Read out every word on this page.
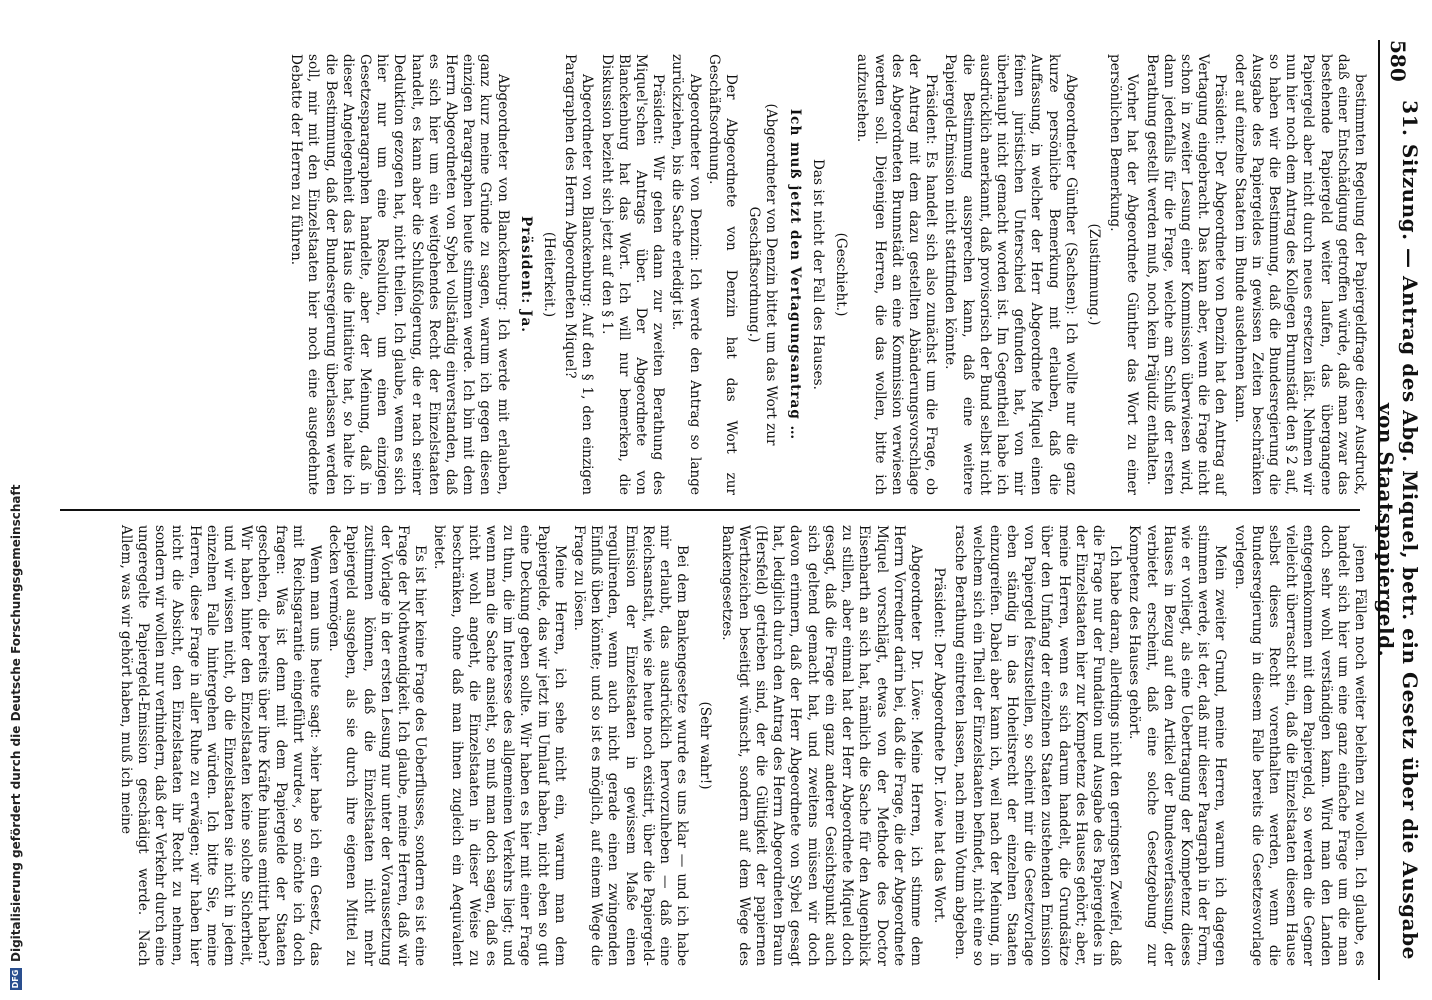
580
31. Sitzung. — Antrag des Abg. Miquel, betr. ein Gesetz über die Ausgabe von Staatspapiergeld.

bestimmten Regelung der Papiergeldfrage dieser Ausdruck, daß einer Entschädigung getroffen würde, daß man zwar das bestehende Papiergeld weiter laufen, das übergangene Papiergeld aber nicht durch neues ersetzen läßt. Nehmen wir nun hier noch dem Antrag des Kollegen Brunnstädt den § 2 auf, so haben wir die Bestimmung, daß die Bundesregierung die Ausgabe des Papiergeldes in gewissen Zeiten beschränken oder auf einzelne Staaten im Bunde ausdehnen kann.

Präsident: Der Abgeordnete von Denzin hat den Antrag auf Vertagung eingebracht. Das kann aber, wenn die Frage nicht schon in zweiter Lesung einer Kommission überwiesen wird, dann jedenfalls für die Frage, welche am Schluß der ersten Berathung gestellt werden muß, noch kein Präjudiz enthalten.

Vorher hat der Abgeordnete Günther das Wort zu einer persönlichen Bemerkung.

(Zustimmung.)

Abgeordneter Günther (Sachsen): Ich wollte nur die ganz kurze persönliche Bemerkung mit erlauben, daß die Auffassung, in welcher der Herr Abgeordnete Miquel einen feinen juristischen Unterschied gefunden hat, von mir überhaupt nicht gemacht worden ist. Im Gegentheil habe ich ausdrücklich anerkannt, daß provisorisch der Bund selbst nicht die Bestimmung aussprechen kann, daß eine weitere Papiergeld-Emission nicht stattfinden könnte.

Präsident: Es handelt sich also zunächst um die Frage, ob der Antrag mit dem dazu gestellten Abänderungsvorschlage des Abgeordneten Brunnstädt an eine Kommission verwiesen werden soll. Diejenigen Herren, die das wollen, bitte ich aufzustehen.

(Geschieht.)

Das ist nicht der Fall des Hauses.

Ich muß jetzt den Vertagungsantrag …

(Abgeordneter von Denzin bittet um das Wort zur Geschäftsordnung.)

Der Abgeordnete von Denzin hat das Wort zur Geschäftsordnung.

Abgeordneter von Denzin: Ich werde den Antrag so lange zurückziehen, bis die Sache erledigt ist.

Präsident: Wir gehen dann zur zweiten Berathung des Miquel'schen Antrags über. Der Abgeordnete von Blanckenburg hat das Wort. Ich will nur bemerken, die Diskussion bezieht sich jetzt auf den § 1.

Abgeordneter von Blanckenburg: Auf den § 1, den einzigen Paragraphen des Herrn Abgeordneten Miquel?

(Heiterkeit.)

Präsident: Ja.

Abgeordneter von Blanckenburg: Ich werde mit erlauben, ganz kurz meine Gründe zu sagen, warum ich gegen diesen einzigen Paragraphen heute stimmen werde. Ich bin mit dem Herrn Abgeordneten von Sybel vollständig einverstanden, daß es sich hier um ein weitgehendes Recht der Einzelstaaten handelt, es kann aber die Schlußfolgerung, die er nach seiner Deduktion gezogen hat, nicht theilen. Ich glaube, wenn es sich hier nur um eine Resolution, um einen einzigen Gesetzesparagraphen handelte, aber der Meinung, daß in dieser Angelegenheit das Haus die Initiative hat, so halte ich die Bestimmung, daß der Bundesregierung überlassen werden soll, mir mit den Einzelstaaten hier noch eine ausgedehnte Debatte der Herren zu führen.

jenen Fällen noch weiter beleihen zu wollen. Ich glaube, es handelt sich hier um eine ganz einfache Frage um die man doch sehr wohl verständigen kann. Wird man den Landen entgegenkommen mit dem Papiergeld, so werden die Gegner vielleicht überrascht sein, daß die Einzelstaaten diesem Hause selbst dieses Recht vorenthalten werden, wenn die Bundesregierung in diesem Falle bereits die Gesetzesvorlage vorlegen.

Mein zweiter Grund, meine Herren, warum ich dagegen stimmen werde, ist der, daß mir dieser Paragraph in der Form, wie er vorliegt, als eine Uebertragung der Kompetenz dieses Hauses in Bezug auf den Artikel der Bundesverfassung, der verbietet erscheint, daß eine solche Gesetzgebung zur Kompetenz des Hauses gehört.

Ich habe daran, allerdings nicht den geringsten Zweifel, daß die Frage nur der Fundation und Ausgabe des Papiergeldes in der Einzelstaaten hier zur Kompetenz des Hauses gehört; aber, meine Herren, wenn es sich darum handelt, die Grundsätze über den Umfang der einzelnen Staaten zustehenden Emission von Papiergeld festzustellen, so scheint mir die Gesetzvorlage eben ständig in das Hoheitsrecht der einzelnen Staaten einzugreifen. Dabei aber kann ich, weil nach der Meinung, in welchem sich ein Theil der Einzelstaaten befindet, nicht eine so rasche Berathung eintreten lassen, nach mein Votum abgeben.

Präsident: Der Abgeordnete Dr. Löwe hat das Wort.

Abgeordneter Dr. Löwe: Meine Herren, ich stimme dem Herrn Vorredner darin bei, daß die Frage, die der Abgeordnete Miquel vorschlägt, etwas von der Methode des Doctor Eisenbarth an sich hat, nämlich die Sache für den Augenblick zu stillen, aber einmal hat der Herr Abgeordnete Miquel doch gesagt, daß die Frage ein ganz anderer Gesichtspunkt auch sich geltend gemacht hat, und zweitens müssen wir doch davon erinnern, daß der Herr Abgeordnete von Sybel gesagt hat, lediglich durch den Antrag des Herrn Abgeordneten Braun (Hersfeld) getrieben sind, der die Gültigkeit der papiernen Werthzeichen beseitigt wünscht, sondern auf dem Wege des Bankengesetzes.

(Sehr wahr!)

Bei dem Bankengesetze wurde es uns klar — und ich habe mir erlaubt, das ausdrücklich hervorzuheben — daß eine Reichsanstalt, wie sie heute noch existirt, über die Papiergeld-Emission der Einzelstaaten in gewissem Maße einen regulirenden, wenn auch nicht gerade einen zwingenden Einfluß üben könnte; und so ist es möglich, auf einem Wege die Frage zu lösen.

Meine Herren, ich sehe nicht ein, warum man dem Papiergelde, das wir jetzt im Umlauf haben, nicht eben so gut eine Deckung geben sollte. Wir haben es hier mit einer Frage zu thun, die im Interesse des allgemeinen Verkehrs liegt; und wenn man die Sache ansieht, so muß man doch sagen, daß es nicht wohl angeht, die Einzelstaaten in dieser Weise zu beschränken, ohne daß man ihnen zugleich ein Aequivalent bietet.

Es ist hier keine Frage des Ueberflusses, sondern es ist eine Frage der Nothwendigkeit. Ich glaube, meine Herren, daß wir der Vorlage in der ersten Lesung nur unter der Voraussetzung zustimmen können, daß die Einzelstaaten nicht mehr Papiergeld ausgeben, als sie durch ihre eigenen Mittel zu decken vermögen.

Wenn man uns heute sagt: »hier habe ich ein Gesetz, das mit Reichsgarantie eingeführt wurde«, so möchte ich doch fragen: Was ist denn mit dem Papiergelde der Staaten geschehen, die bereits über ihre Kräfte hinaus emittirt haben? Wir haben hinter den Einzelstaaten keine solche Sicherheit, und wir wissen nicht, ob die Einzelstaaten sie nicht in jedem einzelnen Falle hintergehen würden. Ich bitte Sie, meine Herren, diese Frage in aller Ruhe zu erwägen; wir haben hier nicht die Absicht, den Einzelstaaten ihr Recht zu nehmen, sondern wir wollen nur verhindern, daß der Verkehr durch eine ungeregelte Papiergeld-Emission geschädigt werde. Nach Allem, was wir gehört haben, muß ich meine

DFG
Digitalisierung gefördert durch die Deutsche Forschungsgemeinschaft
